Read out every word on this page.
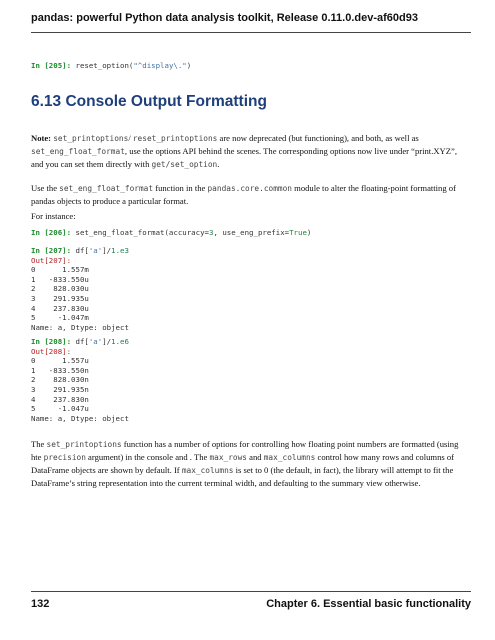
pandas: powerful Python data analysis toolkit, Release 0.11.0.dev-af60d93
In [205]: reset_option("^display\.")
6.13 Console Output Formatting
Note: set_printoptions/ reset_printoptions are now deprecated (but functioning), and both, as well as set_eng_float_format, use the options API behind the scenes. The corresponding options now live under “print.XYZ”, and you can set them directly with get/set_option.
Use the set_eng_float_format function in the pandas.core.common module to alter the floating-point formatting of pandas objects to produce a particular format.
For instance:
In [206]: set_eng_float_format(accuracy=3, use_eng_prefix=True)
In [207]: df['a']/1.e3
Out[207]:
0      1.557m
1   -833.550u
2    828.030u
3    291.935u
4    237.830u
5     -1.047m
Name: a, Dtype: object
In [208]: df['a']/1.e6
Out[208]:
0      1.557u
1   -833.550n
2    828.030n
3    291.935n
4    237.830n
5     -1.047u
Name: a, Dtype: object
The set_printoptions function has a number of options for controlling how floating point numbers are formatted (using hte precision argument) in the console and . The max_rows and max_columns control how many rows and columns of DataFrame objects are shown by default. If max_columns is set to 0 (the default, in fact), the library will attempt to fit the DataFrame’s string representation into the current terminal width, and defaulting to the summary view otherwise.
132	Chapter 6. Essential basic functionality
